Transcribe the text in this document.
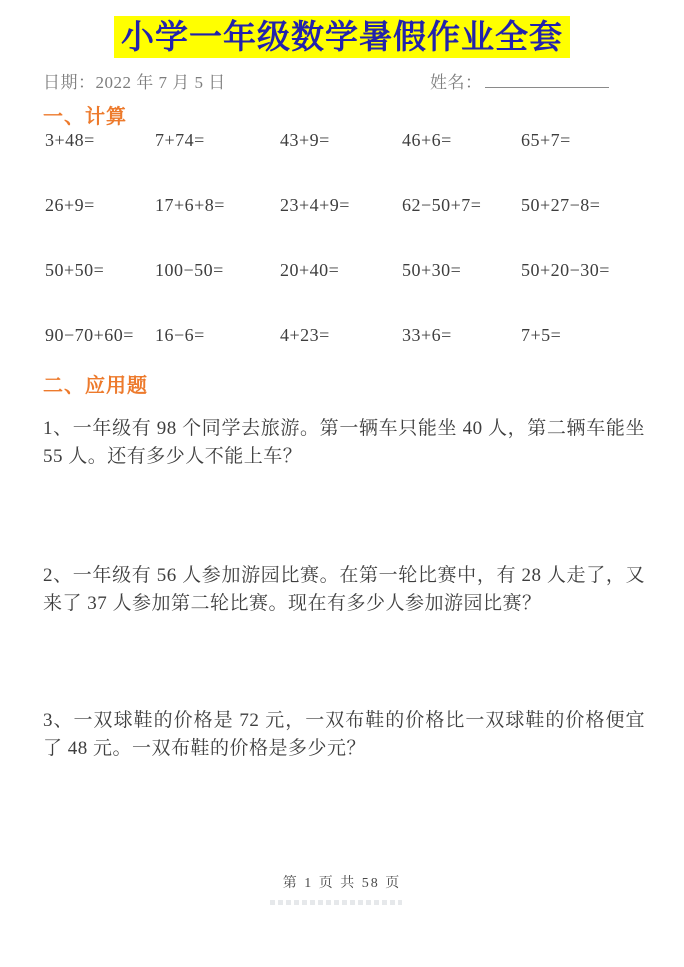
小学一年级数学暑假作业全套
日期：2022 年 7 月 5 日	姓名：
一、计算
3+48=	7+74=	43+9=	46+6=	65+7=
26+9=	17+6+8=	23+4+9=	62−50+7=	50+27−8=
50+50=	100−50=	20+40=	50+30=	50+20−30=
90−70+60=	16−6=	4+23=	33+6=	7+5=
二、应用题

1、一年级有 98 个同学去旅游。第一辆车只能坐 40 人，第二辆车能坐 55 人。还有多少人不能上车？

2、一年级有 56 人参加游园比赛。在第一轮比赛中，有 28 人走了，又来了 37 人参加第二轮比赛。现在有多少人参加游园比赛？

3、一双球鞋的价格是 72 元，一双布鞋的价格比一双球鞋的价格便宜了 48 元。一双布鞋的价格是多少元？

第 1 页 共 58 页
